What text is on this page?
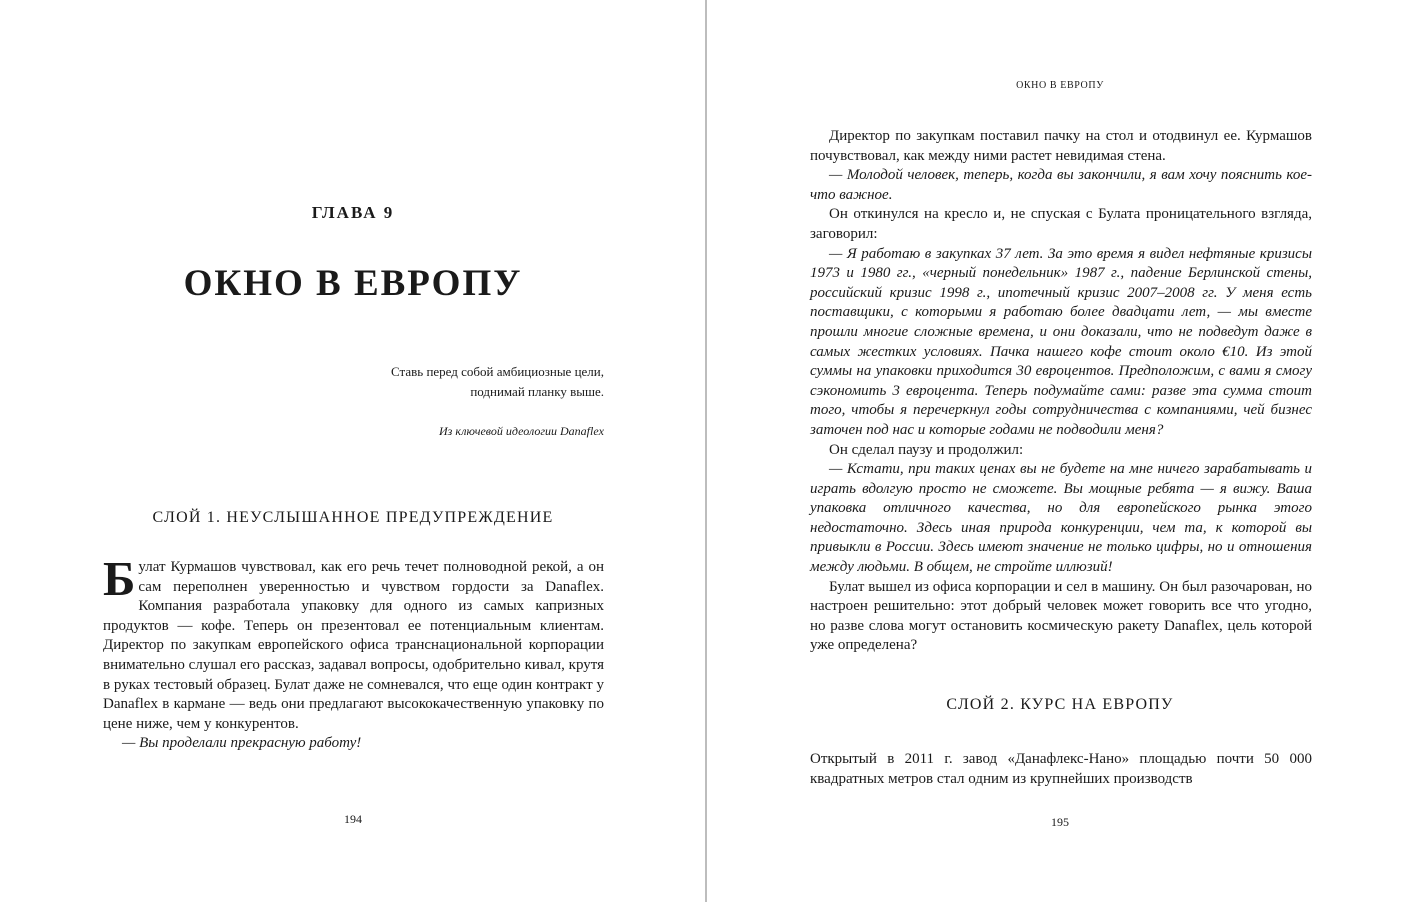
ГЛАВА 9
ОКНО В ЕВРОПУ
Ставь перед собой амбициозные цели,
поднимай планку выше.
Из ключевой идеологии Danaflex
СЛОЙ 1. НЕУСЛЫШАННОЕ ПРЕДУПРЕЖДЕНИЕ

Булат Курмашов чувствовал, как его речь течет полноводной рекой, а он сам переполнен уверенностью и чувством гордости за Danaflex. Компания разработала упаковку для одного из самых капризных продуктов — кофе. Теперь он презентовал ее потенциальным клиентам. Директор по закупкам европейского офиса транснациональной корпорации внимательно слушал его рассказ, задавал вопросы, одобрительно кивал, крутя в руках тестовый образец. Булат даже не сомневался, что еще один контракт у Danaflex в кармане — ведь они предлагают высококачественную упаковку по цене ниже, чем у конкурентов.

— Вы проделали прекрасную работу!

194
ОКНО В ЕВРОПУ

Директор по закупкам поставил пачку на стол и отодвинул ее. Курмашов почувствовал, как между ними растет невидимая стена.

— Молодой человек, теперь, когда вы закончили, я вам хочу пояснить кое-что важное.

Он откинулся на кресло и, не спуская с Булата проницательного взгляда, заговорил:

— Я работаю в закупках 37 лет. За это время я видел нефтяные кризисы 1973 и 1980 гг., «черный понедельник» 1987 г., падение Берлинской стены, российский кризис 1998 г., ипотечный кризис 2007–2008 гг. У меня есть поставщики, с которыми я работаю более двадцати лет, — мы вместе прошли многие сложные времена, и они доказали, что не подведут даже в самых жестких условиях. Пачка нашего кофе стоит около €10. Из этой суммы на упаковки приходится 30 евроцентов. Предположим, с вами я смогу сэкономить 3 евроцента. Теперь подумайте сами: разве эта сумма стоит того, чтобы я перечеркнул годы сотрудничества с компаниями, чей бизнес заточен под нас и которые годами не подводили меня?

Он сделал паузу и продолжил:

— Кстати, при таких ценах вы не будете на мне ничего зарабатывать и играть вдолгую просто не сможете. Вы мощные ребята — я вижу. Ваша упаковка отличного качества, но для европейского рынка этого недостаточно. Здесь иная природа конкуренции, чем та, к которой вы привыкли в России. Здесь имеют значение не только цифры, но и отношения между людьми. В общем, не стройте иллюзий!

Булат вышел из офиса корпорации и сел в машину. Он был разочарован, но настроен решительно: этот добрый человек может говорить все что угодно, но разве слова могут остановить космическую ракету Danaflex, цель которой уже определена?

СЛОЙ 2. КУРС НА ЕВРОПУ

Открытый в 2011 г. завод «Данафлекс-Нано» площадью почти 50 000 квадратных метров стал одним из крупнейших производств

195
